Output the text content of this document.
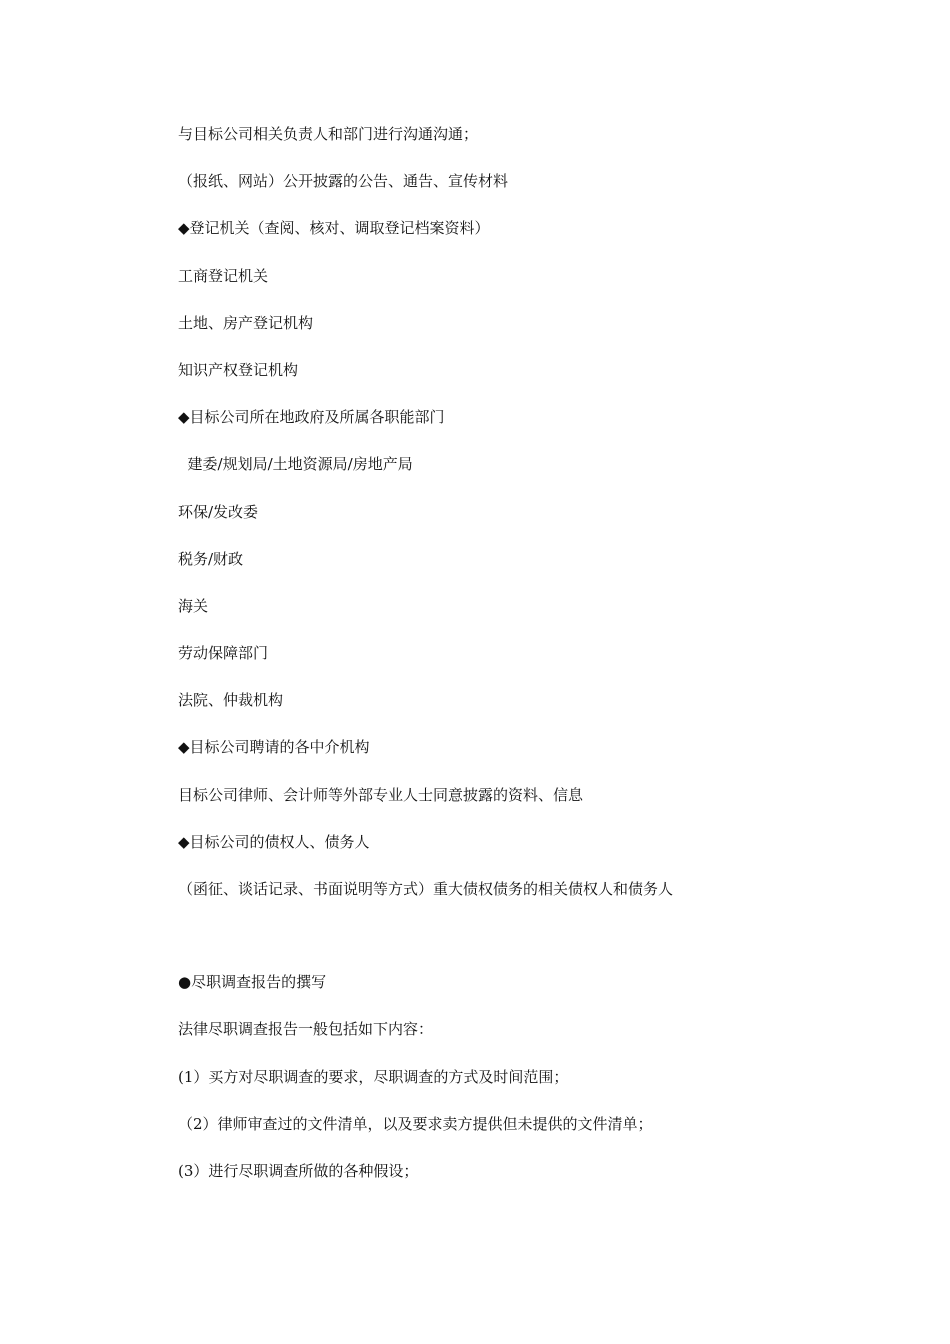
与目标公司相关负责人和部门进行沟通沟通；
（报纸、网站）公开披露的公告、通告、宣传材料
◆登记机关（查阅、核对、调取登记档案资料）
工商登记机关
土地、房产登记机构
知识产权登记机构
◆目标公司所在地政府及所属各职能部门
建委/规划局/土地资源局/房地产局
环保/发改委
税务/财政
海关
劳动保障部门
法院、仲裁机构
◆目标公司聘请的各中介机构
目标公司律师、会计师等外部专业人士同意披露的资料、信息
◆目标公司的债权人、债务人
（函征、谈话记录、书面说明等方式）重大债权债务的相关债权人和债务人
●尽职调查报告的撰写
法律尽职调查报告一般包括如下内容：
(1）买方对尽职调查的要求，尽职调查的方式及时间范围；
（2）律师审查过的文件清单，以及要求卖方提供但未提供的文件清单；
(3）进行尽职调查所做的各种假设；
